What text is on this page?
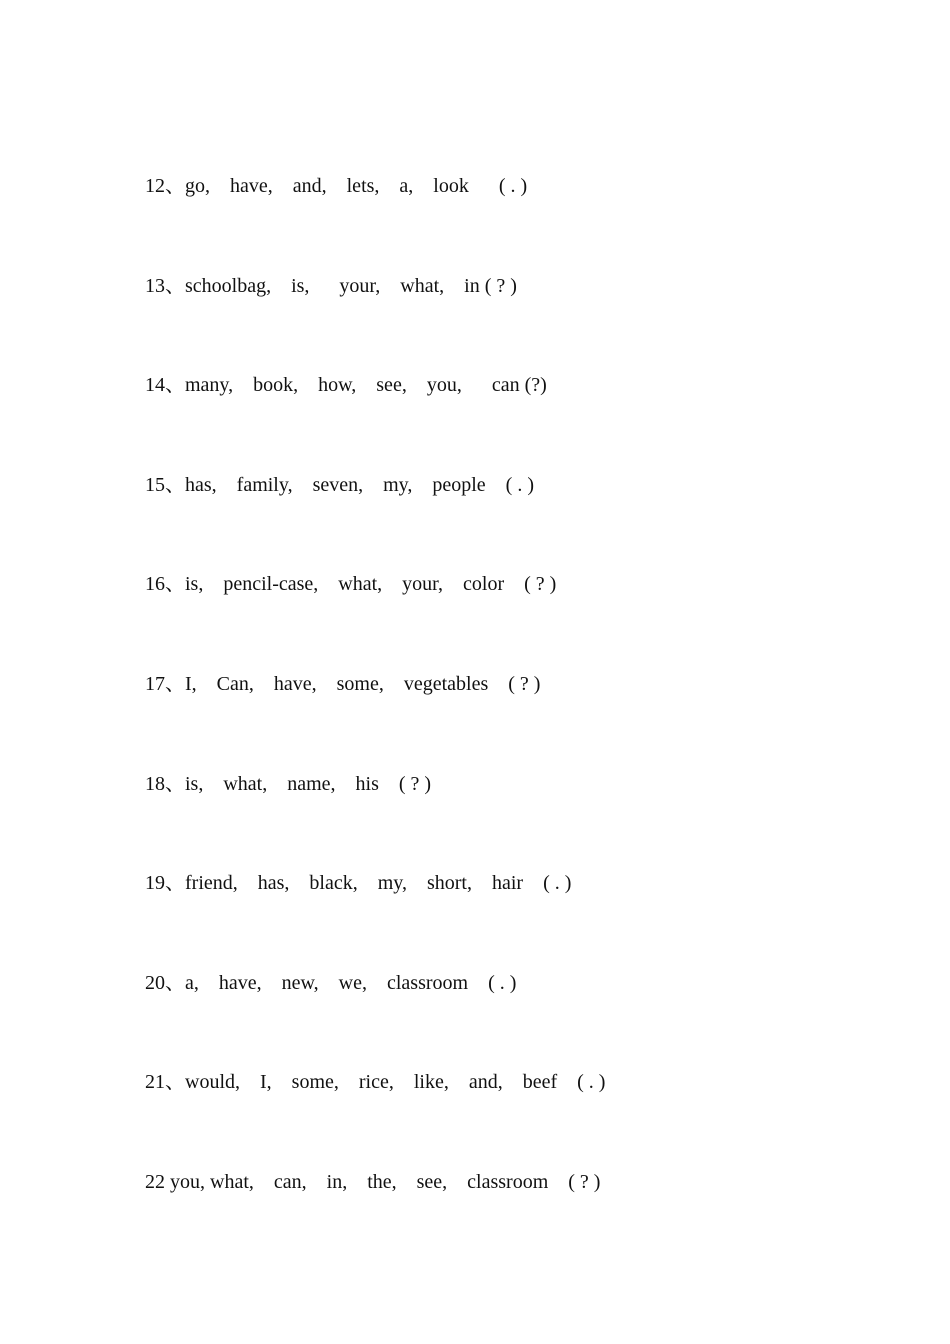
12、go,    have,    and,    lets,    a,    look      ( . )
13、schoolbag,    is,      your,    what,    in ( ? )
14、many,    book,    how,    see,    you,      can (?)
15、has,    family,    seven,    my,    people    ( . )
16、is,    pencil-case,    what,    your,    color    ( ? )
17、I,    Can,    have,    some,    vegetables    ( ? )
18、is,    what,    name,    his    ( ? )
19、friend,    has,    black,    my,    short,    hair    ( . )
20、a,    have,    new,    we,    classroom    ( . )
21、would,    I,    some,    rice,    like,    and,    beef    ( . )
22 you, what,    can,    in,    the,    see,    classroom    ( ? )
